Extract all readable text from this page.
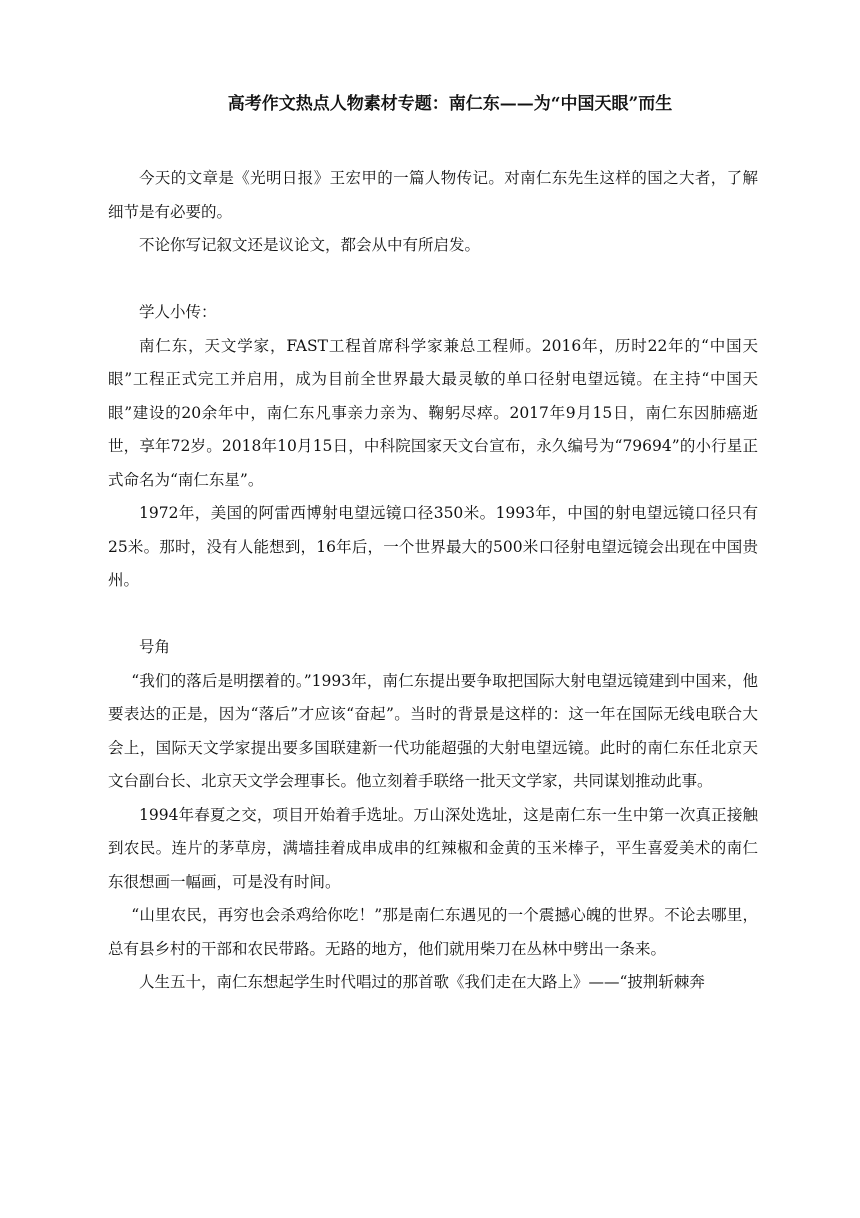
高考作文热点人物素材专题：南仁东——为“中国天眼”而生

今天的文章是《光明日报》王宏甲的一篇人物传记。对南仁东先生这样的国之大者，了解细节是有必要的。

不论你写记叙文还是议论文，都会从中有所启发。

学人小传：

南仁东，天文学家，FAST工程首席科学家兼总工程师。2016年，历时22年的“中国天眼”工程正式完工并启用，成为目前全世界最大最灵敏的单口径射电望远镜。在主持“中国天眼”建设的20余年中，南仁东凡事亲力亲为、鞠躬尽瘁。2017年9月15日，南仁东因肺癌逝世，享年72岁。2018年10月15日，中科院国家天文台宣布，永久编号为“79694”的小行星正式命名为“南仁东星”。

1972年，美国的阿雷西博射电望远镜口径350米。1993年，中国的射电望远镜口径只有25米。那时，没有人能想到，16年后，一个世界最大的500米口径射电望远镜会出现在中国贵州。

号角

“我们的落后是明摆着的。”1993年，南仁东提出要争取把国际大射电望远镜建到中国来，他要表达的正是，因为“落后”才应该“奋起”。当时的背景是这样的：这一年在国际无线电联合大会上，国际天文学家提出要多国联建新一代功能超强的大射电望远镜。此时的南仁东任北京天文台副台长、北京天文学会理事长。他立刻着手联络一批天文学家，共同谋划推动此事。

1994年春夏之交，项目开始着手选址。万山深处选址，这是南仁东一生中第一次真正接触到农民。连片的茅草房，满墙挂着成串成串的红辣椒和金黄的玉米棒子，平生喜爱美术的南仁东很想画一幅画，可是没有时间。

“山里农民，再穷也会杀鸡给你吃！”那是南仁东遇见的一个震撼心魄的世界。不论去哪里，总有县乡村的干部和农民带路。无路的地方，他们就用柴刀在丛林中劈出一条来。

人生五十，南仁东想起学生时代唱过的那首歌《我们走在大路上》——“披荆斩棘奔
